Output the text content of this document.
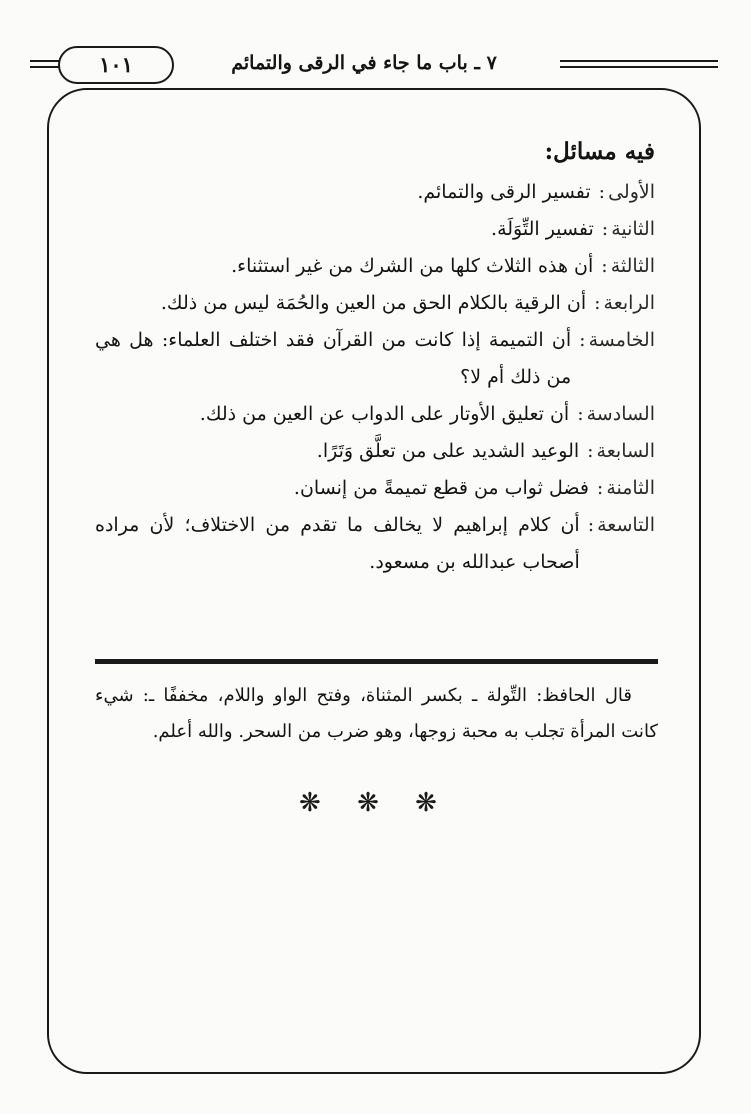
١٠١	٧ ـ باب ما جاء في الرقى والتمائم

فيه مسائل:

الأولى :
تفسير الرقى والتمائم.
الثانية :
تفسير التِّوَلَة.
الثالثة :
أن هذه الثلاث كلها من الشرك من غير استثناء.
الرابعة :
أن الرقية بالكلام الحق من العين والحُمَة ليس من ذلك.
الخامسة :
أن التميمة إذا كانت من القرآن فقد اختلف العلماء: هل هي من ذلك أم لا؟
السادسة :
أن تعليق الأوتار على الدواب عن العين من ذلك.
السابعة :
الوعيد الشديد على من تعلَّق وَتَرًا.
الثامنة :
فضل ثواب من قطع تميمةً من إنسان.
التاسعة :
أن كلام إبراهيم لا يخالف ما تقدم من الاختلاف؛ لأن مراده أصحاب عبدالله بن مسعود.
قال الحافظ: التِّولة ـ بكسر المثناة، وفتح الواو واللام، مخففًا ـ: شيء كانت المرأة تجلب به محبة زوجها، وهو ضرب من السحر. والله أعلم.
❋ ❋ ❋
